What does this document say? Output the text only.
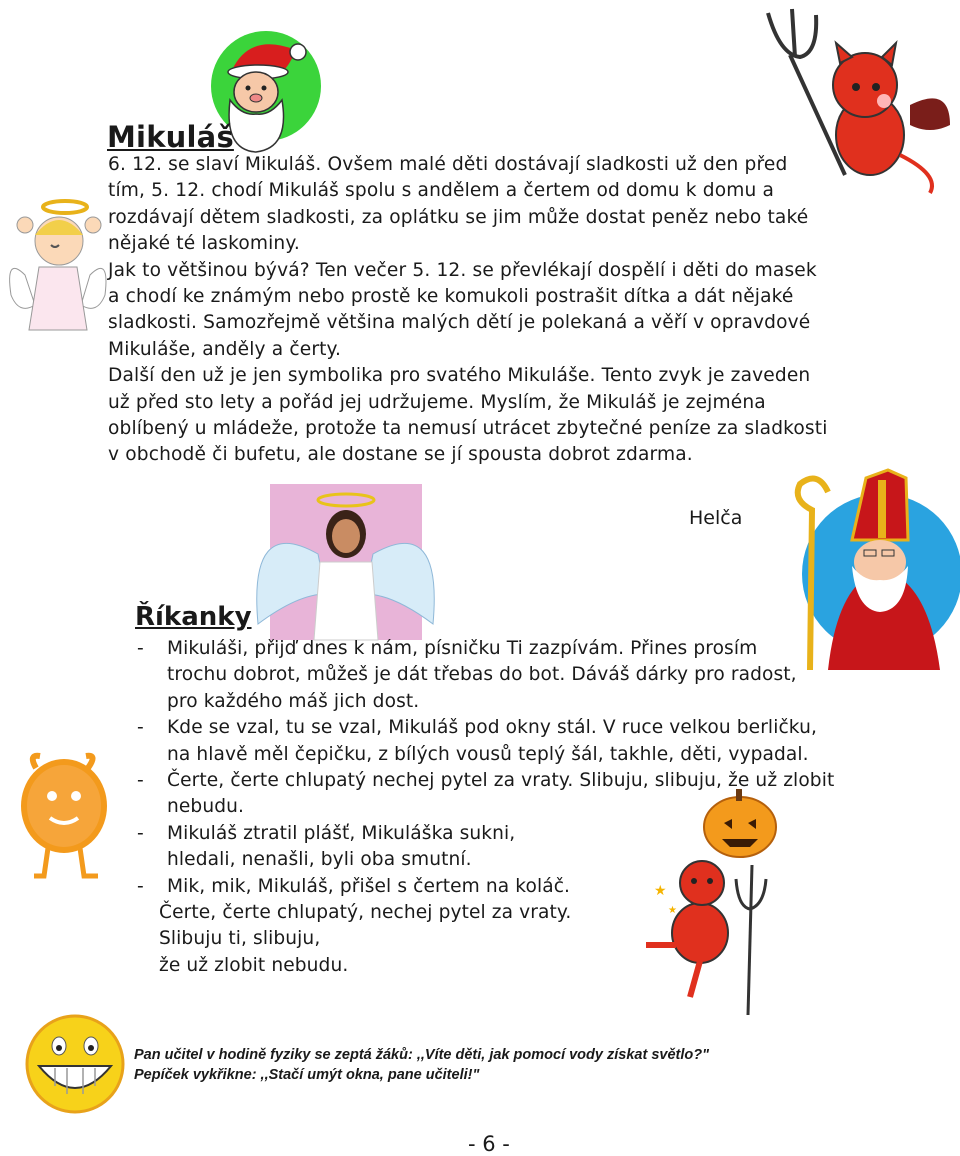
★
★
Mikuláš
6. 12. se slaví Mikuláš. Ovšem malé děti dostávají sladkosti už den před
tím, 5. 12. chodí Mikuláš spolu s andělem a čertem od domu k domu a
rozdávají dětem sladkosti, za oplátku se jim může dostat peněz nebo také
nějaké té laskominy.
Jak to většinou bývá? Ten večer 5. 12. se převlékají dospělí i děti do masek
a chodí ke známým nebo prostě ke komukoli postrašit dítka a dát nějaké
sladkosti. Samozřejmě většina malých dětí je polekaná a věří v opravdové
Mikuláše, anděly a čerty.
Další den už je jen symbolika pro svatého Mikuláše. Tento zvyk je zaveden
už před sto lety a pořád jej udržujeme. Myslím, že Mikuláš je zejména
oblíbený u mládeže, protože ta nemusí utrácet zbytečné peníze za sladkosti
v obchodě či bufetu, ale dostane se jí spousta dobrot zdarma.
Helča
Říkanky
- Mikuláši, přijď dnes k nám, písničku Ti zazpívám. Přines prosím
trochu dobrot, můžeš je dát třebas do bot. Dáváš dárky pro radost,
pro každého máš jich dost.
- Kde se vzal, tu se vzal, Mikuláš pod okny stál. V ruce velkou berličku,
na hlavě měl čepičku, z bílých vousů teplý šál, takhle, děti, vypadal.
- Čerte, čerte chlupatý nechej pytel za vraty. Slibuju, slibuju, že už zlobit
nebudu.
- Mikuláš ztratil plášť, Mikuláška sukni,
hledali, nenašli, byli oba smutní.
- Mik, mik, Mikuláš, přišel s čertem na koláč.
Čerte, čerte chlupatý, nechej pytel za vraty.
Slibuju ti, slibuju,
že už zlobit nebudu.
Pan učitel v hodině fyziky se zeptá žáků: ,,Víte děti, jak pomocí vody získat světlo?"
Pepíček vykřikne: ,,Stačí umýt okna, pane učiteli!"
- 6 -
